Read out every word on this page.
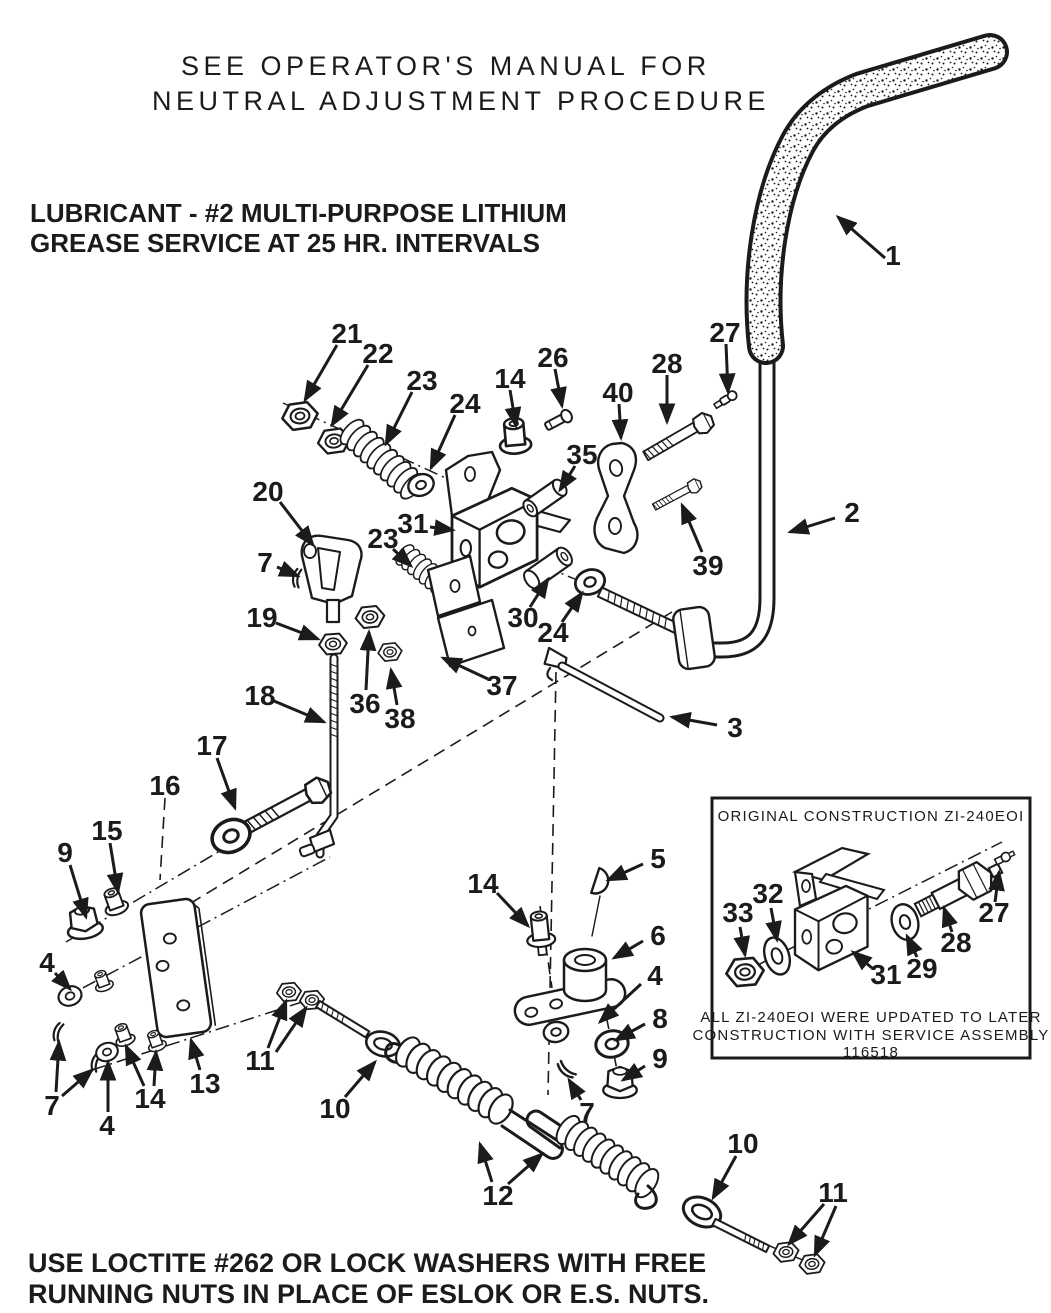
1
2
3
21
22
23
24
14
26
40
28
27
35
20
7
19
18
23
31
30
24
36 38
37
39
17
16
15
9
4
7
4
14 13
11
10
14
5
6
4
8
9
7
12
10
11
ORIGINAL CONSTRUCTION ZI-240EOI
33
32
31 29
28
27
ALL ZI-240EOI WERE UPDATED TO LATER
CONSTRUCTION WITH SERVICE ASSEMBLY
116518
SEE OPERATOR'S MANUAL FOR
NEUTRAL ADJUSTMENT PROCEDURE
LUBRICANT - #2 MULTI-PURPOSE LITHIUM
GREASE SERVICE AT 25 HR. INTERVALS
USE LOCTITE #262 OR LOCK WASHERS WITH FREE
RUNNING NUTS IN PLACE OF ESLOK OR E.S. NUTS.
